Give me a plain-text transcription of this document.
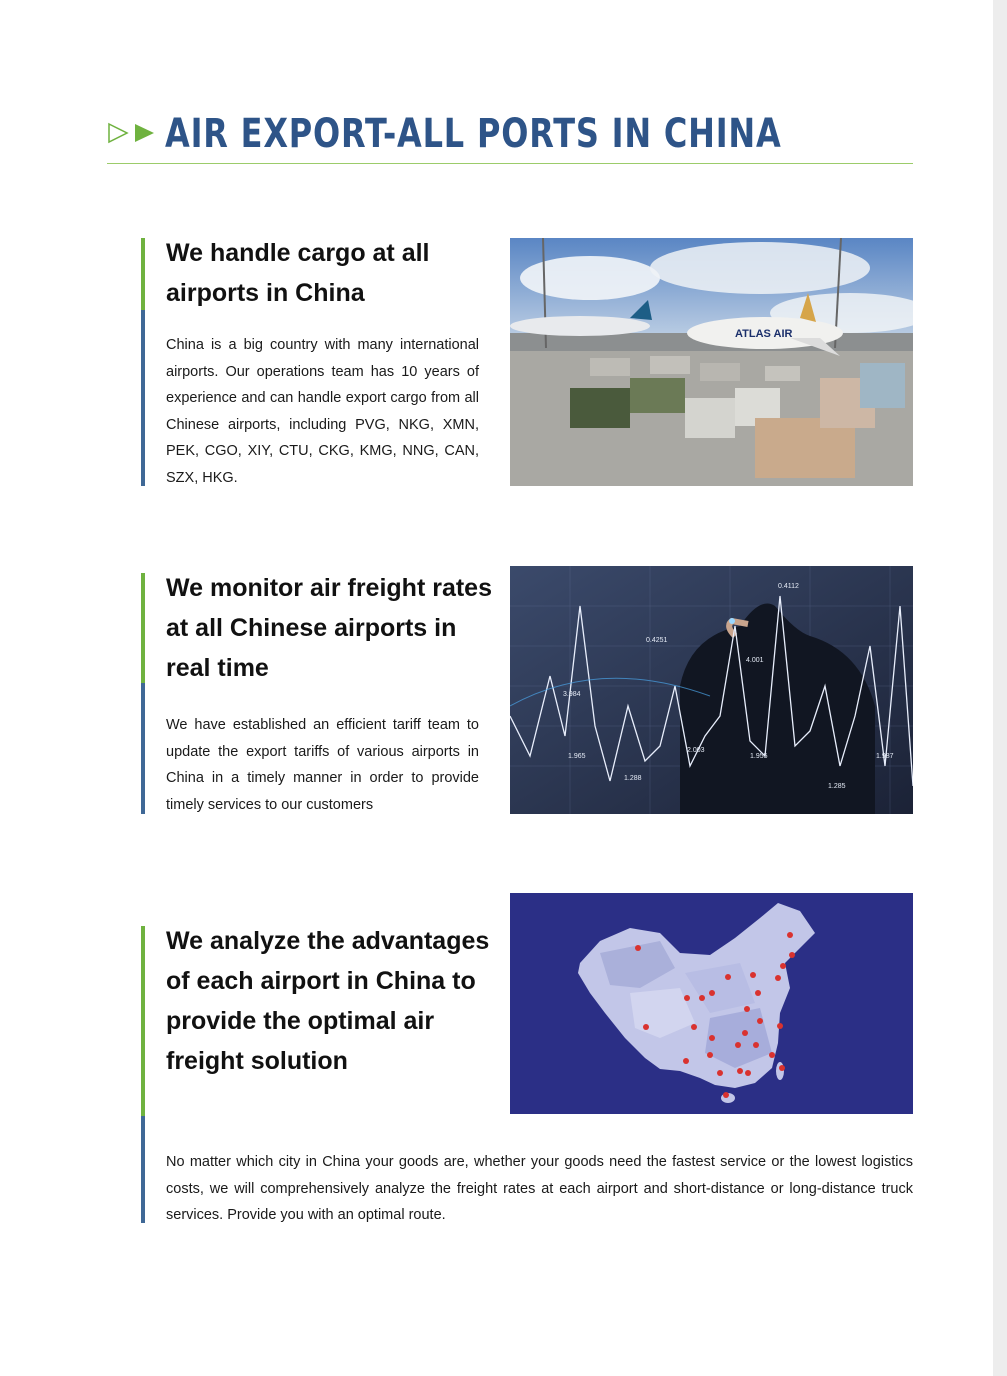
AIR EXPORT-ALL PORTS IN CHINA
We handle cargo at all airports in China

China is a big country with many international airports. Our operations team has 10 years of experience and can handle export cargo from all Chinese airports, including PVG, NKG, XMN, PEK, CGO, XIY, CTU, CKG, KMG, NNG, CAN, SZX, HKG.

ATLAS AIR
We monitor air freight rates at all Chinese airports in real time

We have established an efficient tariff team to update the export tariffs of various airports in China in a timely manner in order to provide timely services to our customers

0.4112
0.4251
4.001
3.984
1.965
2.003
1.955	1.987
1.288
1.285
We analyze the advantages of each airport in China to provide the optimal air freight solution

No matter which city in China your goods are, whether your goods need the fastest service or the lowest logistics costs, we will comprehensively analyze the freight rates at each airport and short-distance or long-distance truck services. Provide you with an optimal route.
